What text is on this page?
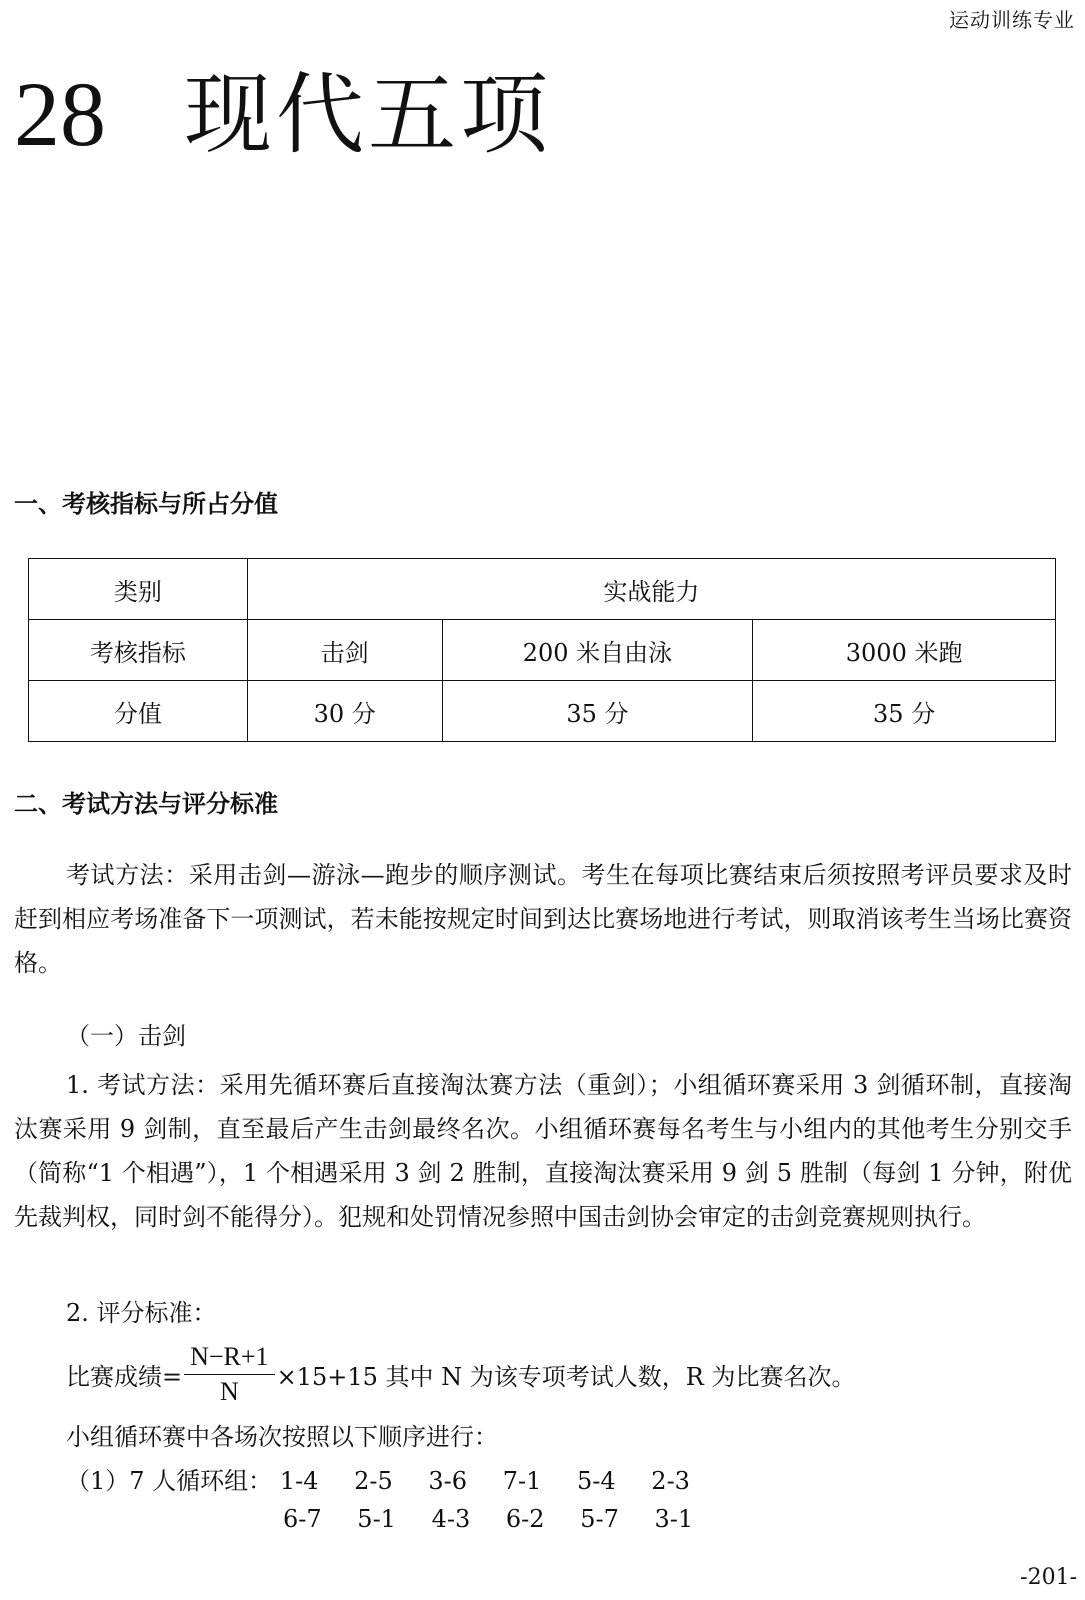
运动训练专业
28 现代五项
一、考核指标与所占分值
类别	实战能力		
考核指标	击剑	200 米自由泳	3000 米跑
分值	30 分	35 分	35 分
二、考试方法与评分标准
考试方法：采用击剑—游泳—跑步的顺序测试。考生在每项比赛结束后须按照考评员要求及时赶到相应考场准备下一项测试，若未能按规定时间到达比赛场地进行考试，则取消该考生当场比赛资格。
（一）击剑
1. 考试方法：采用先循环赛后直接淘汰赛方法（重剑）；小组循环赛采用 3 剑循环制，直接淘汰赛采用 9 剑制，直至最后产生击剑最终名次。小组循环赛每名考生与小组内的其他考生分别交手（简称“1 个相遇”），1 个相遇采用 3 剑 2 胜制，直接淘汰赛采用 9 剑 5 胜制（每剑 1 分钟，附优先裁判权，同时剑不能得分）。犯规和处罚情况参照中国击剑协会审定的击剑竞赛规则执行。
2. 评分标准：
比赛成绩= $\frac{N-R+1}{N} \times 15+15$ 其中 N 为该专项考试人数，R 为比赛名次。
小组循环赛中各场次按照以下顺序进行：
（1）7 人循环组： 1-4 2-5 3-6 7-1 5-4 2-3
6-7 5-1 4-3 6-2 5-7 3-1
-201-
